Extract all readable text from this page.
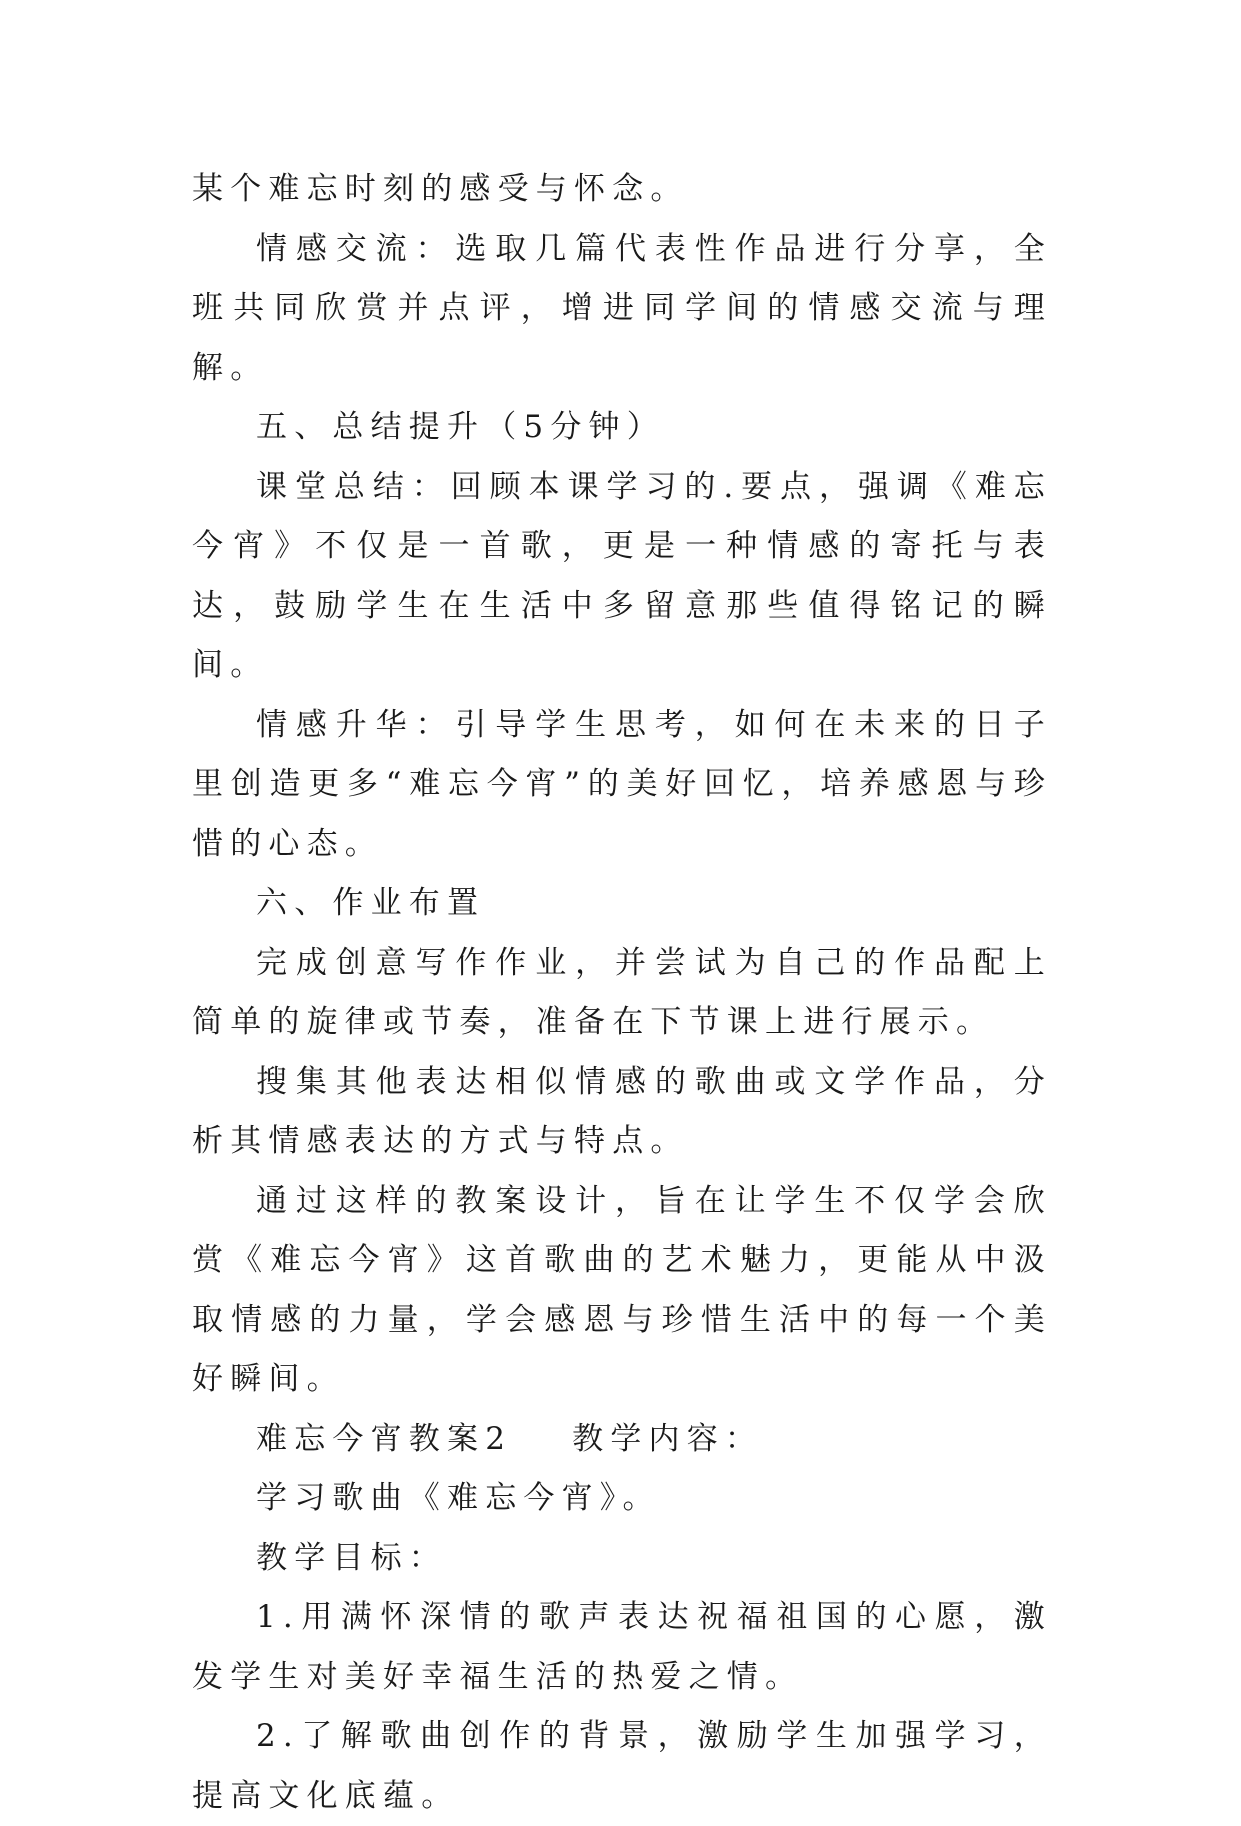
某个难忘时刻的感受与怀念。

情感交流：选取几篇代表性作品进行分享，全班共同欣赏并点评，增进同学间的情感交流与理解。

五、总结提升（5分钟）

课堂总结：回顾本课学习的.要点，强调《难忘今宵》不仅是一首歌，更是一种情感的寄托与表达，鼓励学生在生活中多留意那些值得铭记的瞬间。

情感升华：引导学生思考，如何在未来的日子里创造更多“难忘今宵”的美好回忆，培养感恩与珍惜的心态。

六、作业布置

完成创意写作作业，并尝试为自己的作品配上简单的旋律或节奏，准备在下节课上进行展示。

搜集其他表达相似情感的歌曲或文学作品，分析其情感表达的方式与特点。

通过这样的教案设计，旨在让学生不仅学会欣赏《难忘今宵》这首歌曲的艺术魅力，更能从中汲取情感的力量，学会感恩与珍惜生活中的每一个美好瞬间。

难忘今宵教案2 教学内容：

学习歌曲《难忘今宵》。

教学目标：

1.用满怀深情的歌声表达祝福祖国的心愿，激发学生对美好幸福生活的热爱之情。

2.了解歌曲创作的背景，激励学生加强学习，提高文化底蕴。
